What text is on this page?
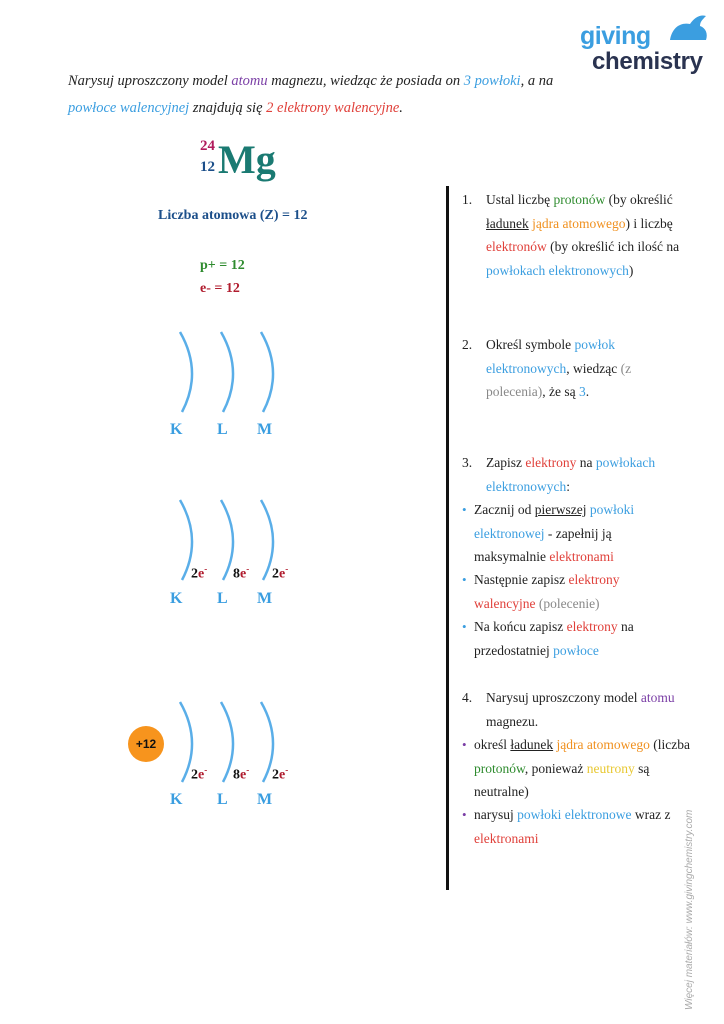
giving
chemistry
Narysuj uproszczony model atomu magnezu, wiedząc że posiada on 3 powłoki, a na
powłoce walencyjnej znajdują się 2 elektrony walencyjne.
24
12 Mg
Liczba atomowa (Z) = 12
p+ = 12
e- = 12
K L M
2e- 8e- 2e-
K L M
+12
2e- 8e- 2e-
K L M
1. Ustal liczbę protonów (by określić
ładunek jądra atomowego) i liczbę
elektronów (by określić ich ilość na
powłokach elektronowych)
2. Określ symbole powłok elektronowych, wiedząc (z polecenia), że są 3.
3. Zapisz elektrony na powłokach elektronowych:
• Zacznij od pierwszej powłoki elektronowej - zapełnij ją maksymalnie elektronami
• Następnie zapisz elektrony walencyjne (polecenie)
• Na końcu zapisz elektrony na przedostatniej powłoce
4. Narysuj uproszczony model atomu magnezu.
• określ ładunek jądra atomowego (liczba protonów, ponieważ neutrony są neutralne)
• narysuj powłoki elektronowe wraz z elektronami	Więcej materiałów: www.givingchemistry.com
